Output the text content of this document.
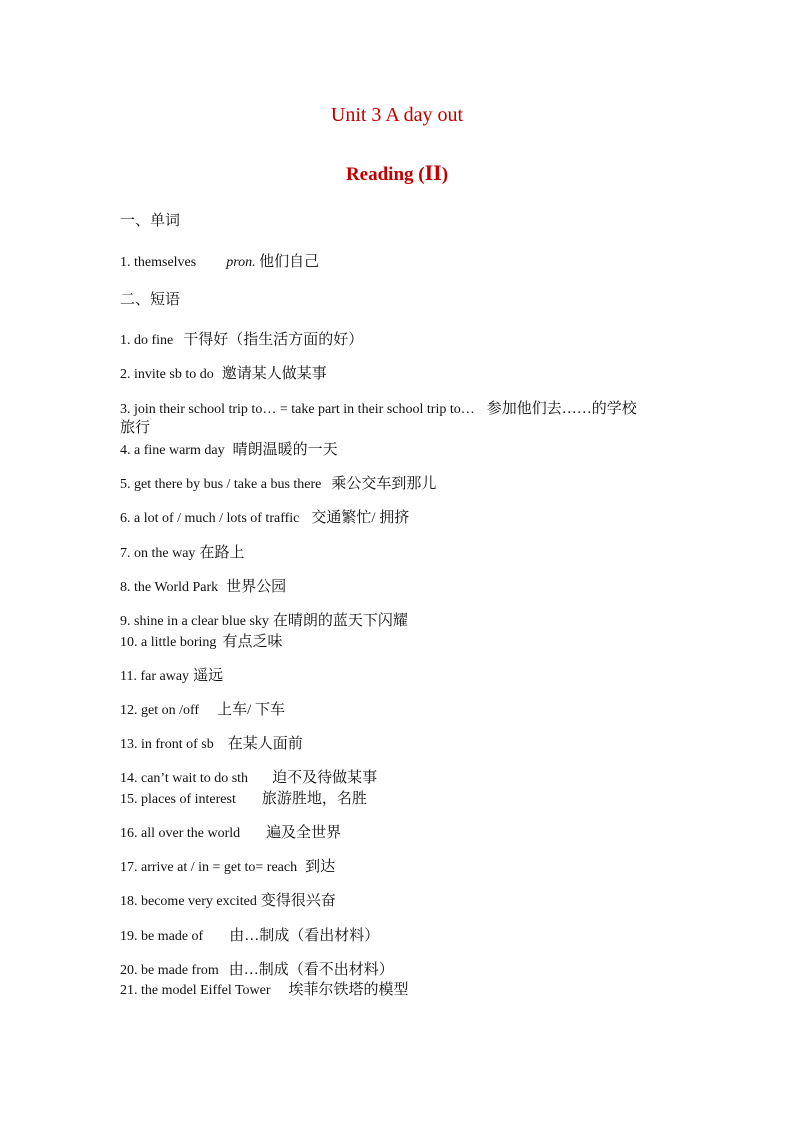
Unit 3 A day out
Reading (II)
一、单词
1. themselves pron. 他们自己
二、短语
1. do fine 干得好（指生活方面的好）
2. invite sb to do 邀请某人做某事
3. join their school trip to… = take part in their school trip to… 参加他们去……的学校
旅行
4. a fine warm day 晴朗温暖的一天
5. get there by bus / take a bus there 乘公交车到那儿
6. a lot of / much / lots of traffic 交通繁忙/ 拥挤
7. on the way 在路上
8. the World Park 世界公园
9. shine in a clear blue sky 在晴朗的蓝天下闪耀
10. a little boring 有点乏味
11. far away 遥远
12. get on /off 上车/ 下车
13. in front of sb 在某人面前
14. can’t wait to do sth 迫不及待做某事
15. places of interest 旅游胜地，名胜
16. all over the world 遍及全世界
17. arrive at / in = get to= reach 到达
18. become very excited 变得很兴奋
19. be made of 由…制成（看出材料）
20. be made from 由…制成（看不出材料）
21. the model Eiffel Tower 埃菲尔铁塔的模型
